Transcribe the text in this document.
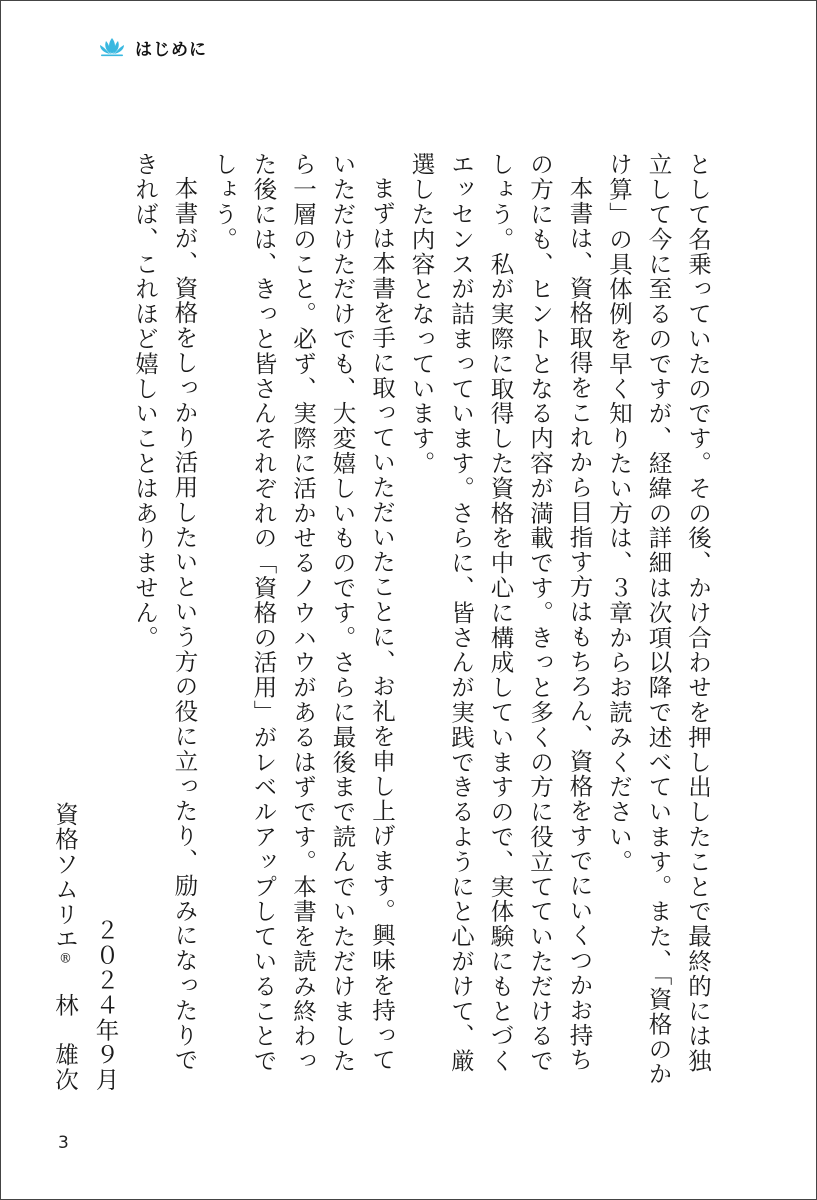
はじめに

として名乗っていたのです。その後、かけ合わせを押し出したことで最終的には独立して今に至るのですが、経緯の詳細は次項以降で述べています。また、「資格のかけ算」の具体例を早く知りたい方は、３章からお読みください。

本書は、資格取得をこれから目指す方はもちろん、資格をすでにいくつかお持ちの方にも、ヒントとなる内容が満載です。きっと多くの方に役立てていただけるでしょう。私が実際に取得した資格を中心に構成していますので、実体験にもとづくエッセンスが詰まっています。さらに、皆さんが実践できるようにと心がけて、厳選した内容となっています。

まずは本書を手に取っていただいたことに、お礼を申し上げます。興味を持っていただけただけでも、大変嬉しいものです。さらに最後まで読んでいただけましたら一層のこと。必ず、実際に活かせるノウハウがあるはずです。本書を読み終わった後には、きっと皆さんそれぞれの「資格の活用」がレベルアップしていることでしょう。

本書が、資格をしっかり活用したいという方の役に立ったり、励みになったりできれば、これほど嬉しいことはありません。

２０２４年９月

資格ソムリエ®　林　雄次

3
